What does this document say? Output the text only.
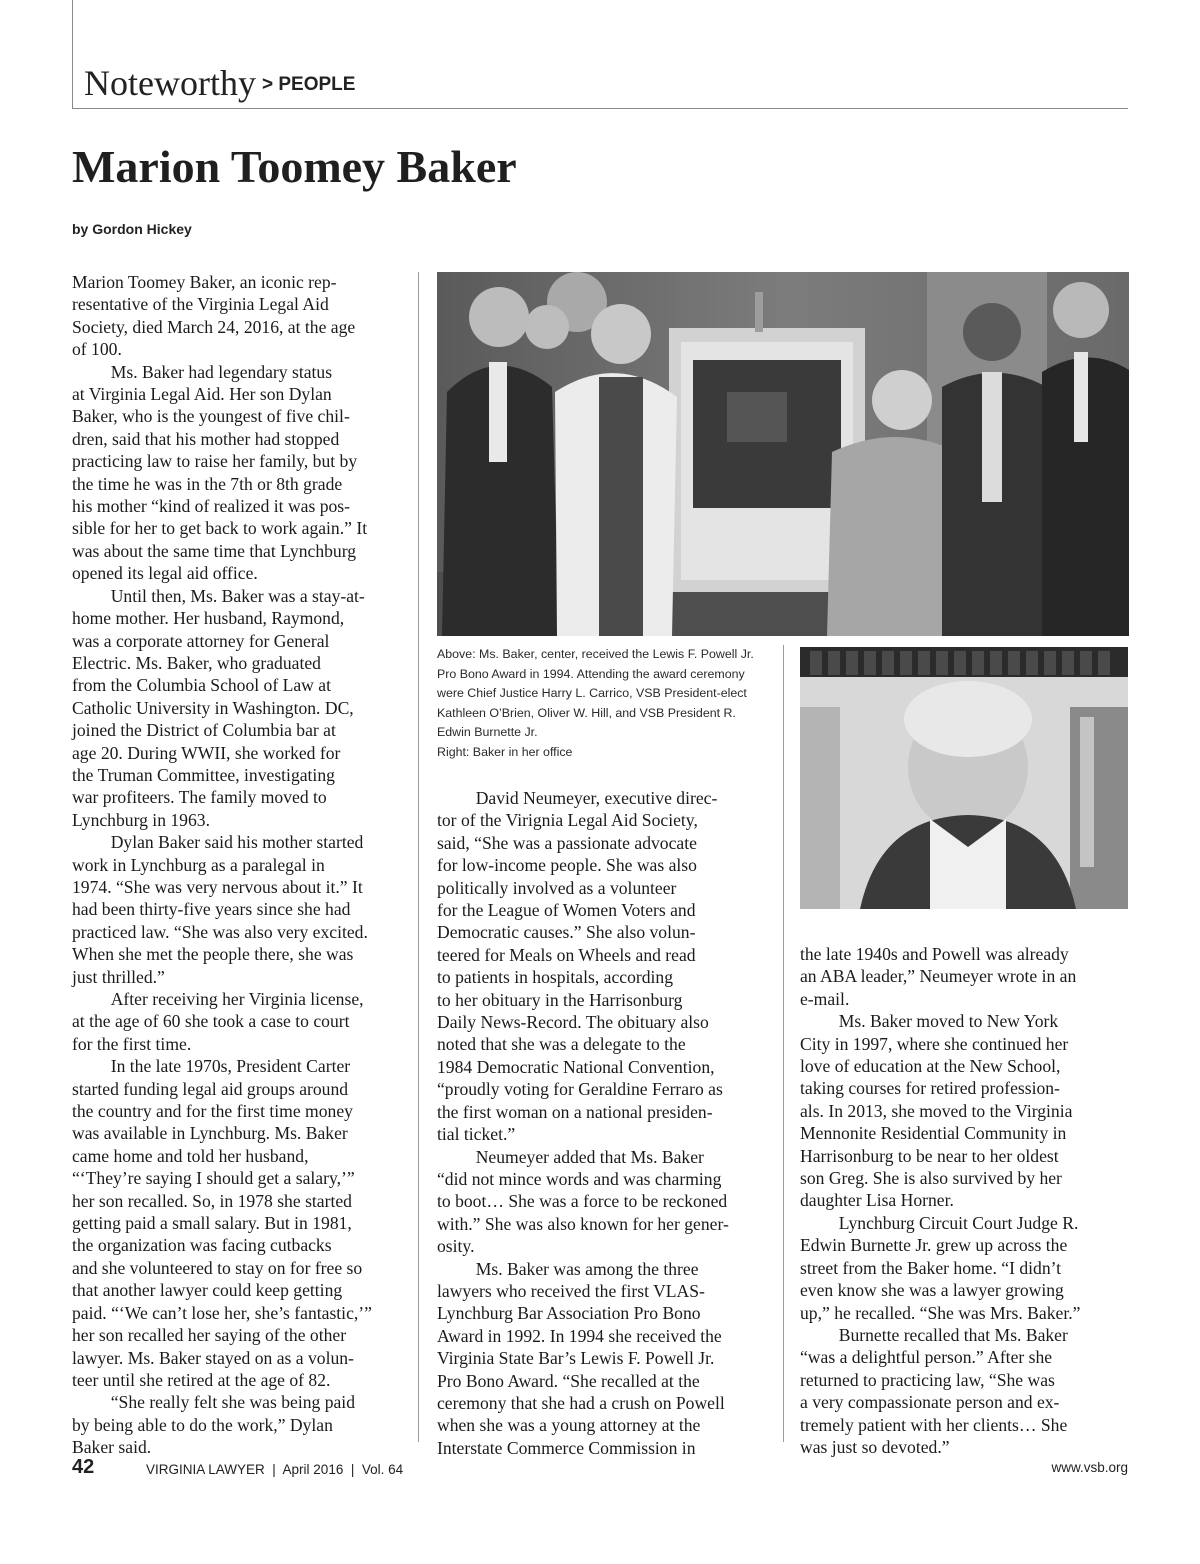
Noteworthy > PEOPLE
Marion Toomey Baker
by Gordon Hickey

Marion Toomey Baker, an iconic rep-
resentative of the Virginia Legal Aid
Society, died March 24, 2016, at the age
of 100.

Ms. Baker had legendary status
at Virginia Legal Aid. Her son Dylan
Baker, who is the youngest of five chil-
dren, said that his mother had stopped
practicing law to raise her family, but by
the time he was in the 7th or 8th grade
his mother “kind of realized it was pos-
sible for her to get back to work again.” It
was about the same time that Lynchburg
opened its legal aid office.

Until then, Ms. Baker was a stay-at-
home mother. Her husband, Raymond,
was a corporate attorney for General
Electric. Ms. Baker, who graduated
from the Columbia School of Law at
Catholic University in Washington. DC,
joined the District of Columbia bar at
age 20. During WWII, she worked for
the Truman Committee, investigating
war profiteers. The family moved to
Lynchburg in 1963.

Dylan Baker said his mother started
work in Lynchburg as a paralegal in
1974. “She was very nervous about it.” It
had been thirty-five years since she had
practiced law. “She was also very excited.
When she met the people there, she was
just thrilled.”

After receiving her Virginia license,
at the age of 60 she took a case to court
for the first time.

In the late 1970s, President Carter
started funding legal aid groups around
the country and for the first time money
was available in Lynchburg. Ms. Baker
came home and told her husband,
“‘They’re saying I should get a salary,’”
her son recalled. So, in 1978 she started
getting paid a small salary. But in 1981,
the organization was facing cutbacks
and she volunteered to stay on for free so
that another lawyer could keep getting
paid. “‘We can’t lose her, she’s fantastic,’”
her son recalled her saying of the other
lawyer. Ms. Baker stayed on as a volun-
teer until she retired at the age of 82.

“She really felt she was being paid
by being able to do the work,” Dylan
Baker said.

Above: Ms. Baker, center, received the Lewis F. Powell Jr.
Pro Bono Award in 1994. Attending the award ceremony
were Chief Justice Harry L. Carrico, VSB President-elect
Kathleen O’Brien, Oliver W. Hill, and VSB President R.
Edwin Burnette Jr.
Right: Baker in her office

David Neumeyer, executive direc-
tor of the Virignia Legal Aid Society,
said, “She was a passionate advocate
for low-income people. She was also
politically involved as a volunteer
for the League of Women Voters and
Democratic causes.” She also volun-
teered for Meals on Wheels and read
to patients in hospitals, according
to her obituary in the Harrisonburg
Daily News-Record. The obituary also
noted that she was a delegate to the
1984 Democratic National Convention,
“proudly voting for Geraldine Ferraro as
the first woman on a national presiden-
tial ticket.”

Neumeyer added that Ms. Baker
“did not mince words and was charming
to boot… She was a force to be reckoned
with.” She was also known for her gener-
osity.

Ms. Baker was among the three
lawyers who received the first VLAS-
Lynchburg Bar Association Pro Bono
Award in 1992. In 1994 she received the
Virginia State Bar’s Lewis F. Powell Jr.
Pro Bono Award. “She recalled at the
ceremony that she had a crush on Powell
when she was a young attorney at the
Interstate Commerce Commission in

the late 1940s and Powell was already
an ABA leader,” Neumeyer wrote in an
e-mail.

Ms. Baker moved to New York
City in 1997, where she continued her
love of education at the New School,
taking courses for retired profession-
als. In 2013, she moved to the Virginia
Mennonite Residential Community in
Harrisonburg to be near to her oldest
son Greg. She is also survived by her
daughter Lisa Horner.

Lynchburg Circuit Court Judge R.
Edwin Burnette Jr. grew up across the
street from the Baker home. “I didn’t
even know she was a lawyer growing
up,” he recalled. “She was Mrs. Baker.”

Burnette recalled that Ms. Baker
“was a delightful person.” After she
returned to practicing law, “She was
a very compassionate person and ex-
tremely patient with her clients… She
was just so devoted.”

42	VIRGINIA LAWYER  |  April 2016  |  Vol. 64	www.vsb.org
